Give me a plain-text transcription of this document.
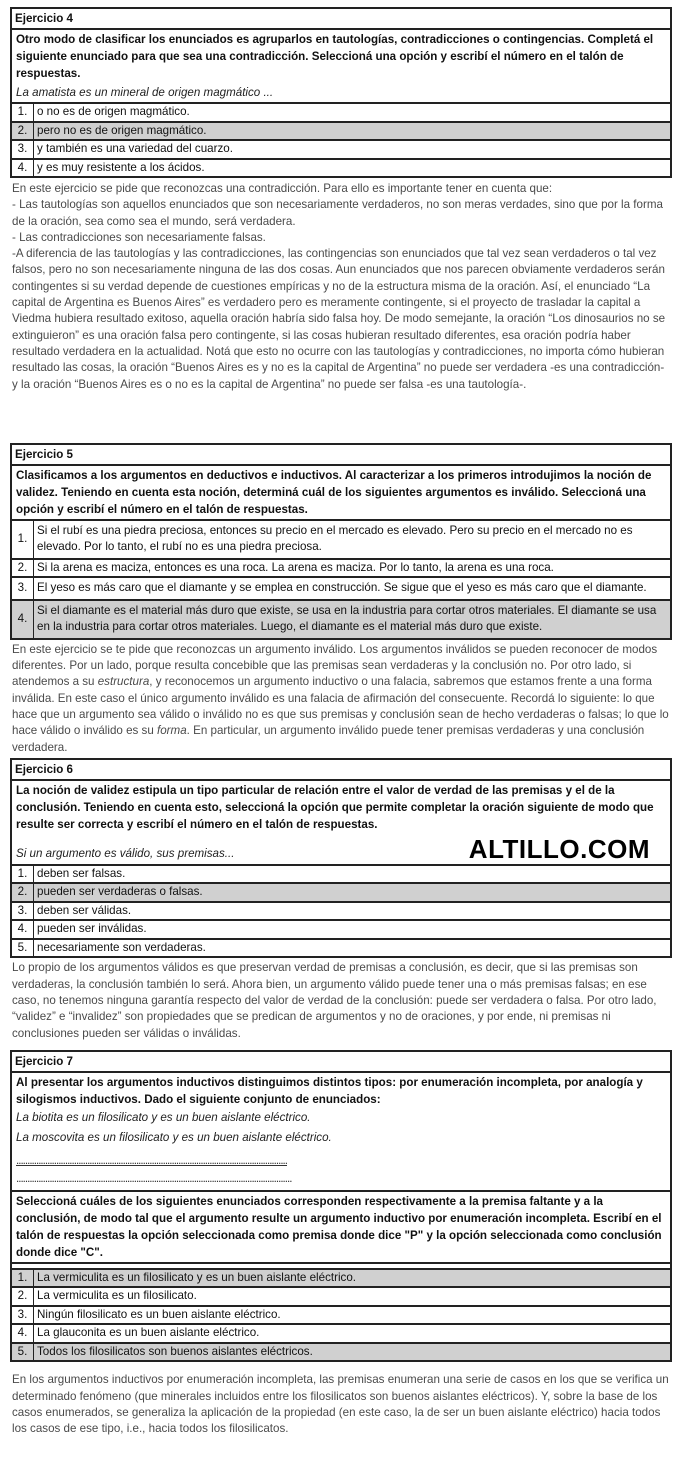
Ejercicio 4
Otro modo de clasificar los enunciados es agruparlos en tautologías, contradicciones o contingencias. Completá el siguiente enunciado para que sea una contradicción. Seleccioná una opción y escribí el número en el talón de respuestas.
La amatista es un mineral de origen magmático ...
1. o no es de origen magmático.
2. pero no es de origen magmático.
3. y también es una variedad del cuarzo.
4. y es muy resistente a los ácidos.
En este ejercicio se pide que reconozcas una contradicción. Para ello es importante tener en cuenta que:
- Las tautologías son aquellos enunciados que son necesariamente verdaderos, no son meras verdades, sino que por la forma de la oración, sea como sea el mundo, será verdadera.
- Las contradicciones son necesariamente falsas.
-A diferencia de las tautologías y las contradicciones, las contingencias son enunciados que tal vez sean verdaderos o tal vez falsos, pero no son necesariamente ninguna de las dos cosas. Aun enunciados que nos parecen obviamente verdaderos serán contingentes si su verdad depende de cuestiones empíricas y no de la estructura misma de la oración. Así, el enunciado “La capital de Argentina es Buenos Aires” es verdadero pero es meramente contingente, si el proyecto de trasladar la capital a Viedma hubiera resultado exitoso, aquella oración habría sido falsa hoy. De modo semejante, la oración “Los dinosaurios no se extinguieron” es una oración falsa pero contingente, si las cosas hubieran resultado diferentes, esa oración podría haber resultado verdadera en la actualidad. Notá que esto no ocurre con las tautologías y contradicciones, no importa cómo hubieran resultado las cosas, la oración “Buenos Aires es y no es la capital de Argentina” no puede ser verdadera -es una contradicción- y la oración “Buenos Aires es o no es la capital de Argentina” no puede ser falsa -es una tautología-.
Ejercicio 5
Clasificamos a los argumentos en deductivos e inductivos. Al caracterizar a los primeros introdujimos la noción de validez. Teniendo en cuenta esta noción, determiná cuál de los siguientes argumentos es inválido. Seleccioná una opción y escribí el número en el talón de respuestas.
1.
Si el rubí es una piedra preciosa, entonces su precio en el mercado es elevado. Pero su precio en el mercado no es elevado. Por lo tanto, el rubí no es una piedra preciosa.
2. Si la arena es maciza, entonces es una roca. La arena es maciza. Por lo tanto, la arena es una roca.
3. El yeso es más caro que el diamante y se emplea en construcción. Se sigue que el yeso es más caro que el diamante.
4.
Si el diamante es el material más duro que existe, se usa en la industria para cortar otros materiales. El diamante se usa en la industria para cortar otros materiales. Luego, el diamante es el material más duro que existe.
En este ejercicio se te pide que reconozcas un argumento inválido. Los argumentos inválidos se pueden reconocer de modos diferentes. Por un lado, porque resulta concebible que las premisas sean verdaderas y la conclusión no. Por otro lado, si atendemos a su estructura, y reconocemos un argumento inductivo o una falacia, sabremos que estamos frente a una forma inválida. En este caso el único argumento inválido es una falacia de afirmación del consecuente. Recordá lo siguiente: lo que hace que un argumento sea válido o inválido no es que sus premisas y conclusión sean de hecho verdaderas o falsas; lo que lo hace válido o inválido es su forma. En particular, un argumento inválido puede tener premisas verdaderas y una conclusión verdadera.
Ejercicio 6
La noción de validez estipula un tipo particular de relación entre el valor de verdad de las premisas y el de la conclusión. Teniendo en cuenta esto, seleccioná la opción que permite completar la oración siguiente de modo que resulte ser correcta y escribí el número en el talón de respuestas.
ALTILLO.COM
Si un argumento es válido, sus premisas...
1. deben ser falsas.
2. pueden ser verdaderas o falsas.
3. deben ser válidas.
4. pueden ser inválidas.
5. necesariamente son verdaderas.
Lo propio de los argumentos válidos es que preservan verdad de premisas a conclusión, es decir, que si las premisas son verdaderas, la conclusión también lo será. Ahora bien, un argumento válido puede tener una o más premisas falsas; en ese caso, no tenemos ninguna garantía respecto del valor de verdad de la conclusión: puede ser verdadera o falsa. Por otro lado, “validez” e “invalidez” son propiedades que se predican de argumentos y no de oraciones, y por ende, ni premisas ni conclusiones pueden ser válidas o inválidas.
Ejercicio 7
Al presentar los argumentos inductivos distinguimos distintos tipos: por enumeración incompleta, por analogía y silogismos inductivos. Dado el siguiente conjunto de enunciados:
La biotita es un filosilicato y es un buen aislante eléctrico.
La moscovita es un filosilicato y es un buen aislante eléctrico.
..........................................................................................................................
............................................................................................................................
Seleccioná cuáles de los siguientes enunciados corresponden respectivamente a la premisa faltante y a la conclusión, de modo tal que el argumento resulte un argumento inductivo por enumeración incompleta. Escribí en el talón de respuestas la opción seleccionada como premisa donde dice "P" y la opción seleccionada como conclusión donde dice "C".
1. La vermiculita es un filosilicato y es un buen aislante eléctrico.
2. La vermiculita es un filosilicato.
3. Ningún filosilicato es un buen aislante eléctrico.
4. La glauconita es un buen aislante eléctrico.
5. Todos los filosilicatos son buenos aislantes eléctricos.
En los argumentos inductivos por enumeración incompleta, las premisas enumeran una serie de casos en los que se verifica un determinado fenómeno (que minerales incluidos entre los filosilicatos son buenos aislantes eléctricos). Y, sobre la base de los casos enumerados, se generaliza la aplicación de la propiedad (en este caso, la de ser un buen aislante eléctrico) hacia todos los casos de ese tipo, i.e., hacia todos los filosilicatos.
